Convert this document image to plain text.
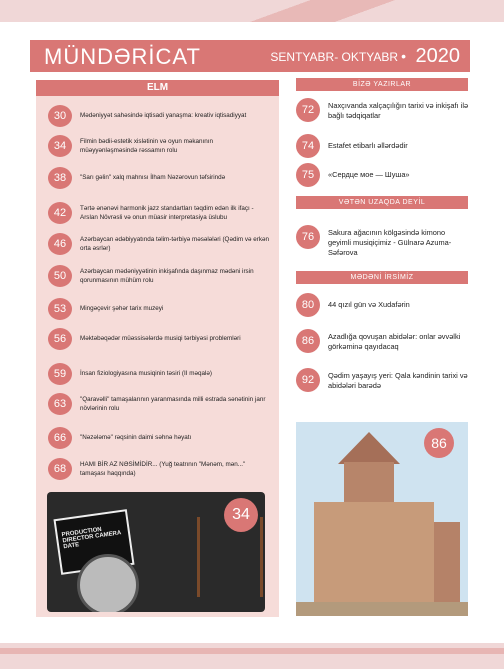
MÜNDƏRİCAT	SENTYABR- OKTYABR • 2020
ELM
30	Mədəniyyət sahəsində iqtisadi yanaşma: kreativ iqtisadiyyat
34	Filmin bədii-estetik xislətinin və oyun məkanının müəyyənləşməsində rəssamın rolu
38	"Sarı gəlin" xalq mahnısı İlham Nəzərovun təfsirində
42	Tərtə ənənəvi harmonik jazz standartları təqdim edən ilk ifaçı - Arslan Növrəsli və onun müasir interpretasiya üslubu
46	Azərbaycan ədəbiyyatında təlim-tərbiyə məsələləri (Qədim və erkən orta əsrlər)
50	Azərbaycan mədəniyyətinin inkişafında daşınmaz mədəni irsin qorunmasının mühüm rolu
53	Mingəçevir şəhər tarix muzeyi
56	Məktəbəqədər müəssisələrdə musiqi tərbiyəsi problemləri
59	İnsan fiziologiyasına musiqinin təsiri (II məqalə)
63	"Qaravəlli" tamaşalarının yaranmasında milli estrada sənətinin janr növlərinin rolu
66	"Nəzələmə" rəqsinin daimi səhnə həyatı
68	HAMI BİR AZ NƏSİMİDİR... (Yuğ teatrının "Mənəm, mən..." tamaşası haqqında)
PRODUCTION DIRECTOR CAMERA DATE
34
BİZƏ YAZIRLAR
72	Naxçıvanda xalçaçılığın tarixi və inkişafı ilə bağlı tədqiqatlar
74	Estafet etibarlı əllərdədir
75	«Сердце мое — Шуша»
VƏTƏN UZAQDA DEYİL
76	Sakura ağacının kölgəsində kimono geyimli musiqiçimiz - Gülnarə Azuma-Səfərova
MƏDƏNİ İRSİMİZ
80	44 qızıl gün və Xudafərin
86	Azadlığa qovuşan abidələr: onlar əvvəlki görkəminə qayıdacaq
92	Qədim yaşayış yeri: Qala kəndinin tarixi və abidələri barədə
86
